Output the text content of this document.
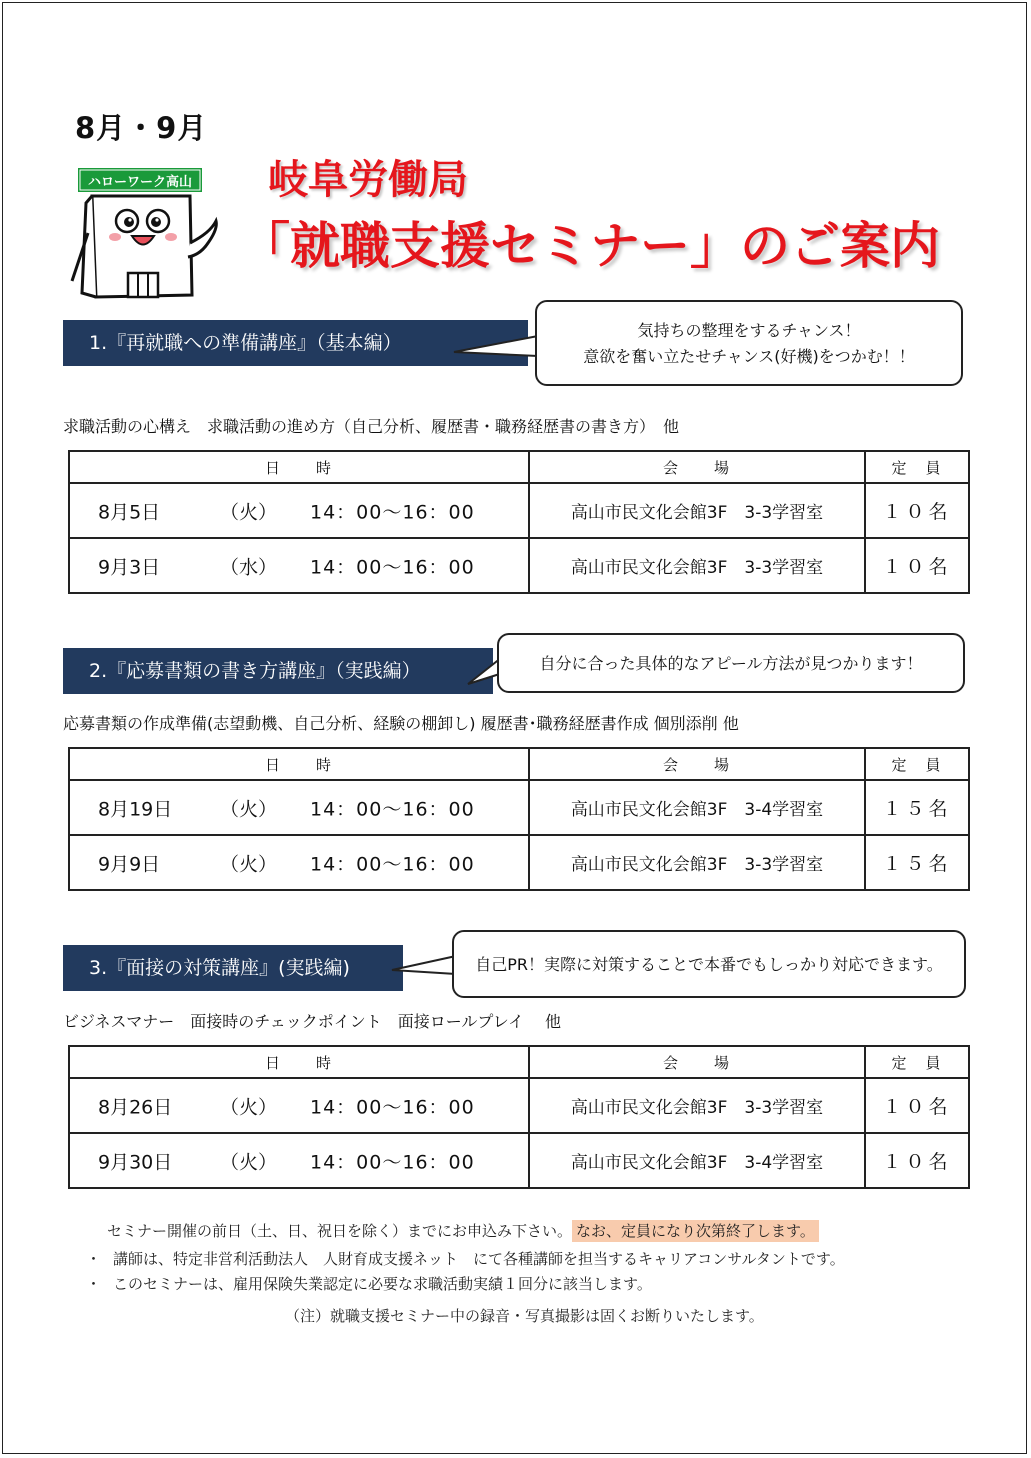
8月・9月
ハローワーク高山 岐阜労働局
「就職支援セミナー」のご案内
1.『再就職への準備講座』（基本編）
気持ちの整理をするチャンス！
意欲を奮い立たせチャンス(好機)をつかむ！！
求職活動の心構え　求職活動の進め方（自己分析、履歴書・職務経歴書の書き方）　他
日　　時	会　　場	定　員

8月5日 （火） 14：00～16：00	高山市民文化会館3F　3-3学習室	１０名

9月3日 （水） 14：00～16：00	高山市民文化会館3F　3-3学習室	１０名
2.『応募書類の書き方講座』（実践編）	自分に合った具体的なアピール方法が見つかります！
応募書類の作成準備(志望動機、自己分析、経験の棚卸し) 履歴書･職務経歴書作成 個別添削 他
日　　時	会　　場	定　員

8月19日 （火） 14：00～16：00	高山市民文化会館3F　3-4学習室	１５名

9月9日 （火） 14：00～16：00	高山市民文化会館3F　3-3学習室	１５名
3.『面接の対策講座』(実践編)	自己PR！実際に対策することで本番でもしっかり対応できます。
ビジネスマナー　面接時のチェックポイント　面接ロールプレイ　 他
日　　時	会　　場	定　員

8月26日 （火） 14：00～16：00	高山市民文化会館3F　3-3学習室	１０名

9月30日 （火） 14：00～16：00	高山市民文化会館3F　3-4学習室	１０名
セミナー開催の前日（土、日、祝日を除く）までにお申込み下さい。 なお、定員になり次第終了します。
・ 講師は、特定非営利活動法人　人財育成支援ネット　にて各種講師を担当するキャリアコンサルタントです。
・ このセミナーは、雇用保険失業認定に必要な求職活動実績１回分に該当します。
（注）就職支援セミナー中の録音・写真撮影は固くお断りいたします。
